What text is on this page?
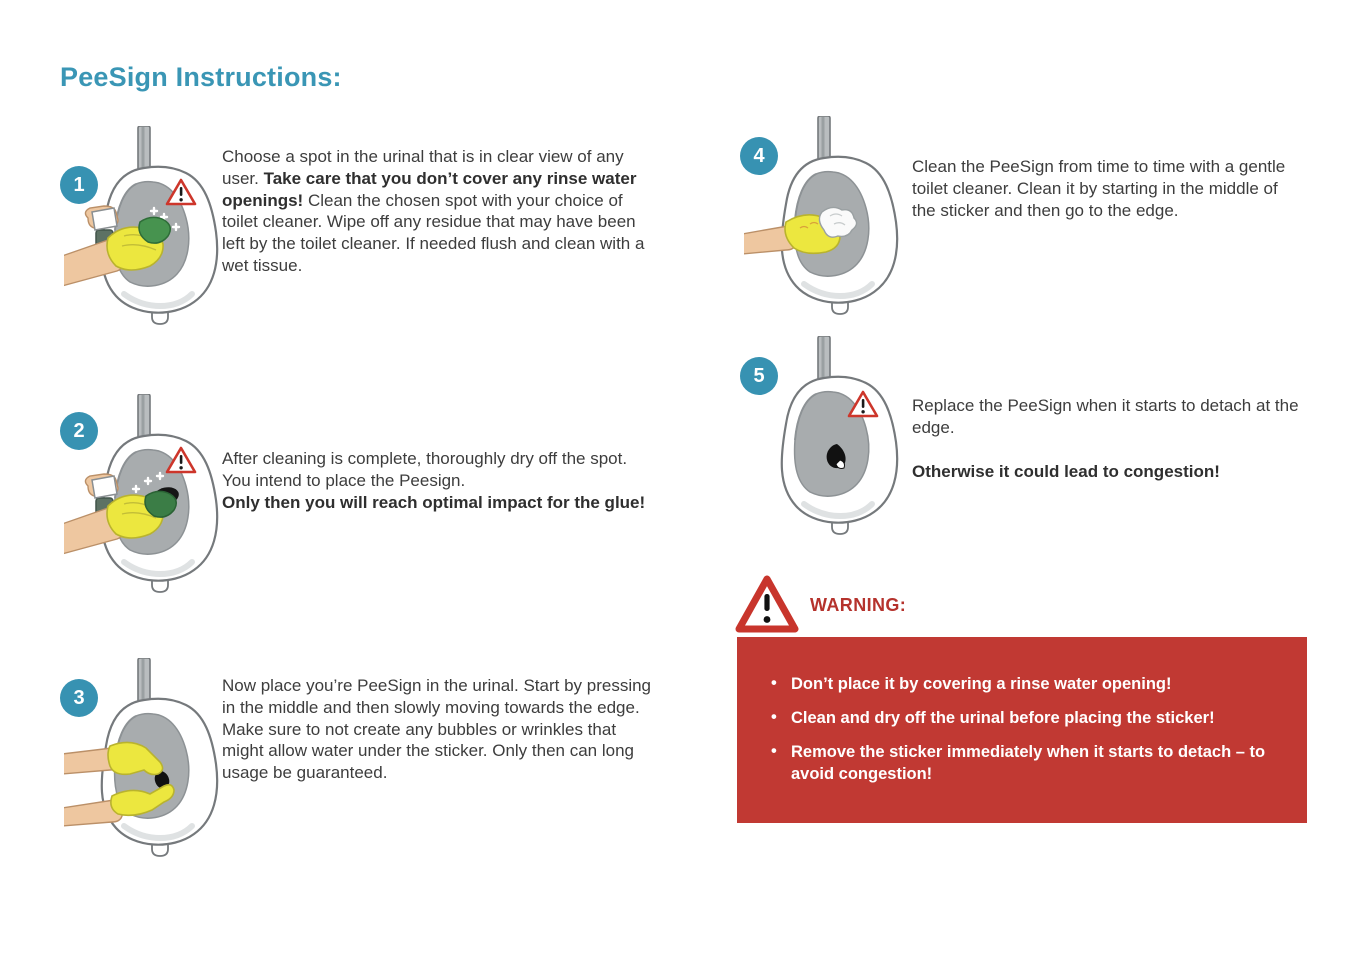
PeeSign Instructions:
1

Choose a spot in the urinal that is in clear view of any user. Take care that you don’t cover any rinse water openings! Clean the chosen spot with your choice of toilet cleaner. Wipe off any residue that may have been left by the toilet cleaner. If needed flush and clean with a wet tissue.

2

After cleaning is complete, thoroughly dry off the spot. You intend to place the Peesign.

Only then you will reach optimal impact for the glue!
3

Now place you’re PeeSign in the urinal. Start by pressing in the middle and then slowly moving towards the edge. Make sure to not create any bubbles or wrinkles that might allow water under the sticker. Only then can long usage be guaranteed.

4	Clean the PeeSign from time to time with a gentle toilet cleaner. Clean it by starting in the middle of the sticker and then go to the edge.

5

Replace the PeeSign when it starts to detach at the edge.

Otherwise it could lead to congestion!

WARNING:

• Don’t place it by covering a rinse water opening!
• Clean and dry off the urinal before placing the sticker!
• Remove the sticker immediately when it starts to detach – to avoid congestion!
